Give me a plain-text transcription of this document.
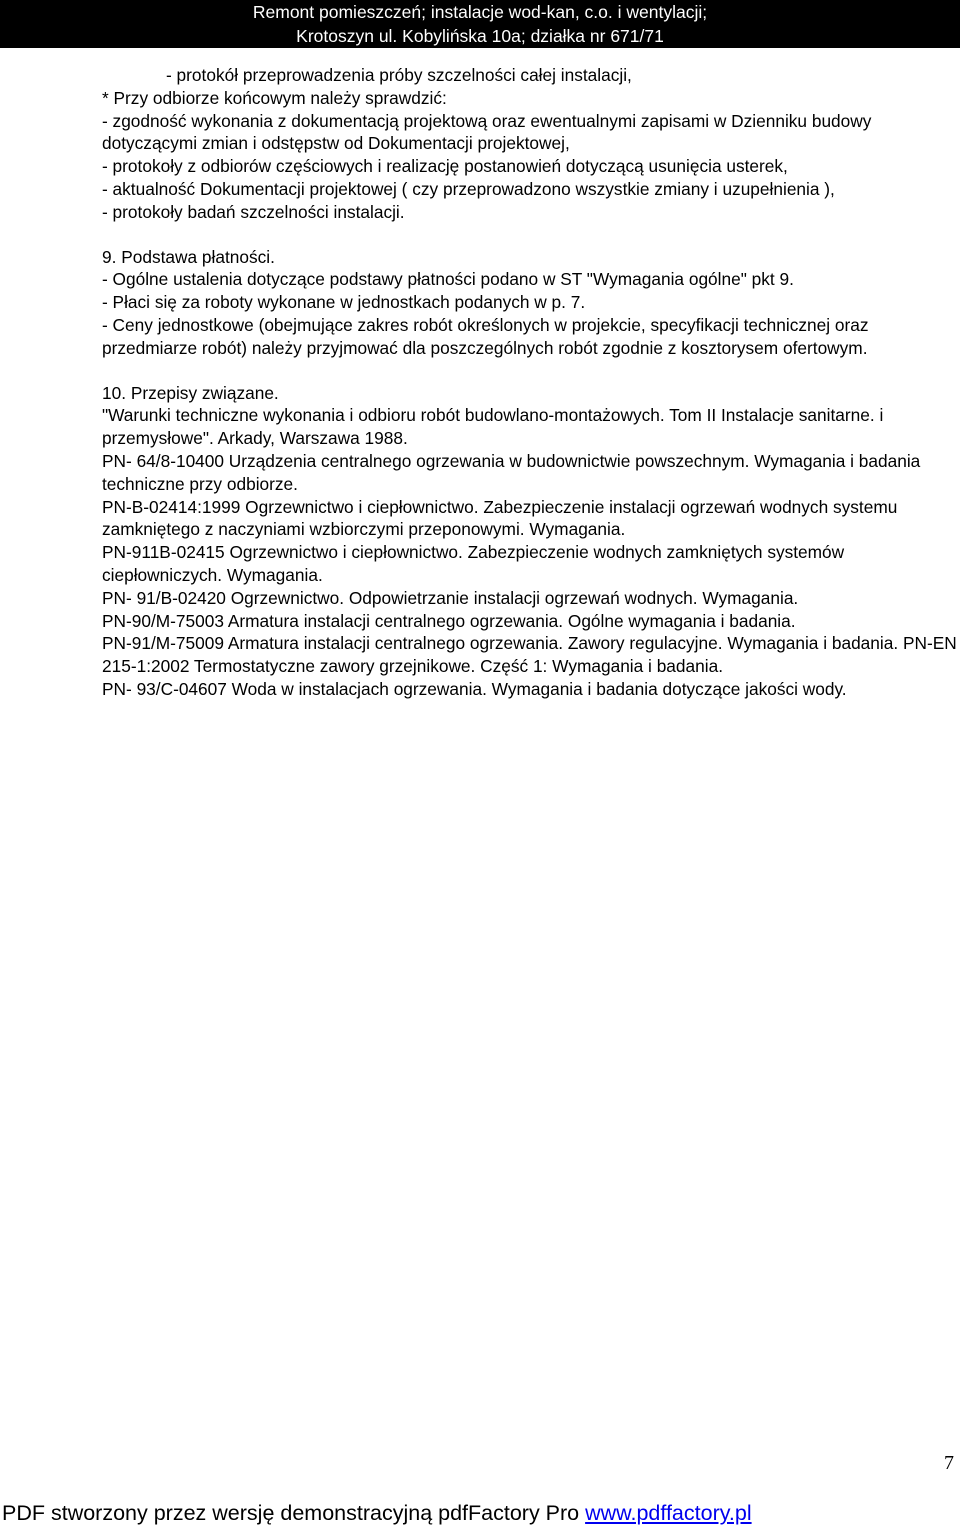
Remont pomieszczeń; instalacje wod-kan, c.o. i wentylacji;
Krotoszyn ul. Kobylińska 10a; działka nr 671/71

- protokół przeprowadzenia próby szczelności całej instalacji,

* Przy odbiorze końcowym należy sprawdzić:

- zgodność wykonania z dokumentacją projektową oraz ewentualnymi zapisami w Dzienniku budowy dotyczącymi zmian i odstępstw od Dokumentacji projektowej,

- protokoły z odbiorów częściowych i realizację postanowień dotyczącą usunięcia usterek,

- aktualność Dokumentacji projektowej ( czy przeprowadzono wszystkie zmiany i uzupełnienia ),

- protokoły badań szczelności instalacji.

9. Podstawa płatności.

- Ogólne ustalenia dotyczące podstawy płatności podano w ST "Wymagania ogólne" pkt 9.

- Płaci się za roboty wykonane w jednostkach podanych w p. 7.

- Ceny jednostkowe (obejmujące zakres robót określonych w projekcie, specyfikacji technicznej oraz przedmiarze robót) należy przyjmować dla poszczególnych robót zgodnie z kosztorysem ofertowym.

10. Przepisy związane.

"Warunki techniczne wykonania i odbioru robót budowlano-montażowych. Tom II Instalacje sanitarne. i przemysłowe". Arkady, Warszawa 1988.

PN- 64/8-10400 Urządzenia centralnego ogrzewania w budownictwie powszechnym. Wymagania i badania techniczne przy odbiorze.

PN-B-02414:1999 Ogrzewnictwo i ciepłownictwo. Zabezpieczenie instalacji ogrzewań wodnych systemu zamkniętego z naczyniami wzbiorczymi przeponowymi. Wymagania.

PN-911B-02415 Ogrzewnictwo i ciepłownictwo. Zabezpieczenie wodnych zamkniętych systemów ciepłowniczych. Wymagania.

PN- 91/B-02420 Ogrzewnictwo. Odpowietrzanie instalacji ogrzewań wodnych. Wymagania.

PN-90/M-75003 Armatura instalacji centralnego ogrzewania. Ogólne wymagania i badania.

PN-91/M-75009 Armatura instalacji centralnego ogrzewania. Zawory regulacyjne. Wymagania i badania. PN-EN 215-1:2002 Termostatyczne zawory grzejnikowe. Część 1: Wymagania i badania.

PN- 93/C-04607 Woda w instalacjach ogrzewania. Wymagania i badania dotyczące jakości wody.

7
PDF stworzony przez wersję demonstracyjną pdfFactory Pro www.pdffactory.pl
